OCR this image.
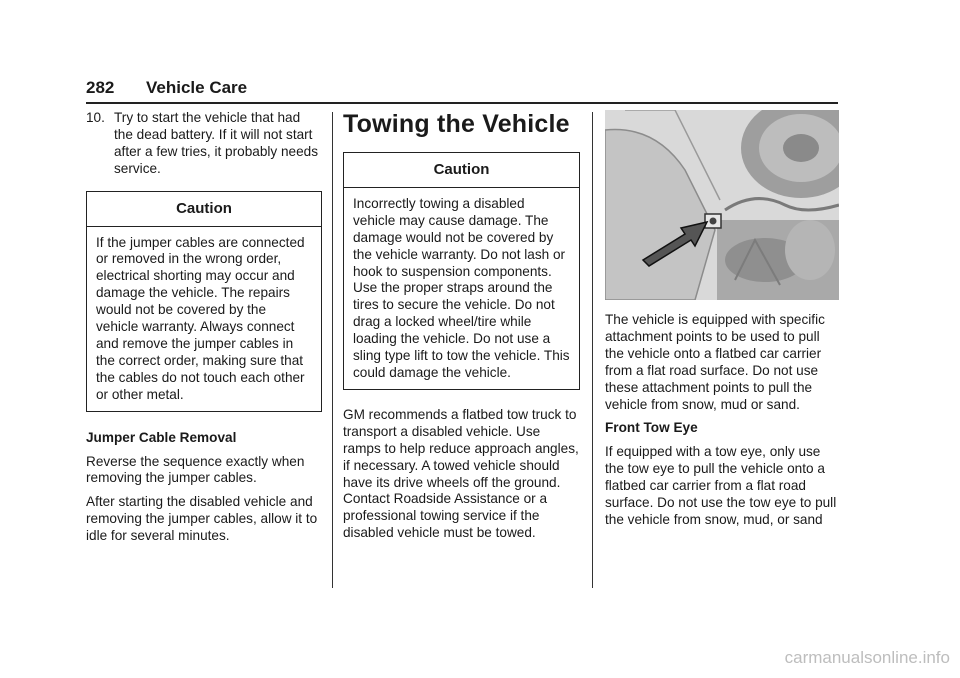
282 Vehicle Care
10. Try to start the vehicle that had the dead battery. If it will not start after a few tries, it probably needs service.
Caution

If the jumper cables are connected or removed in the wrong order, electrical shorting may occur and damage the vehicle. The repairs would not be covered by the vehicle warranty. Always connect and remove the jumper cables in the correct order, making sure that the cables do not touch each other or other metal.

Jumper Cable Removal

Reverse the sequence exactly when removing the jumper cables.

After starting the disabled vehicle and removing the jumper cables, allow it to idle for several minutes.

Towing the Vehicle
Caution

Incorrectly towing a disabled vehicle may cause damage. The damage would not be covered by the vehicle warranty. Do not lash or hook to suspension components. Use the proper straps around the tires to secure the vehicle. Do not drag a locked wheel/tire while loading the vehicle. Do not use a sling type lift to tow the vehicle. This could damage the vehicle.

GM recommends a flatbed tow truck to transport a disabled vehicle. Use ramps to help reduce approach angles, if necessary. A towed vehicle should have its drive wheels off the ground. Contact Roadside Assistance or a professional towing service if the disabled vehicle must be towed.

The vehicle is equipped with specific attachment points to be used to pull the vehicle onto a flatbed car carrier from a flat road surface. Do not use these attachment points to pull the vehicle from snow, mud or sand.

Front Tow Eye

If equipped with a tow eye, only use the tow eye to pull the vehicle onto a flatbed car carrier from a flat road surface. Do not use the tow eye to pull the vehicle from snow, mud, or sand

carmanualsonline.info
